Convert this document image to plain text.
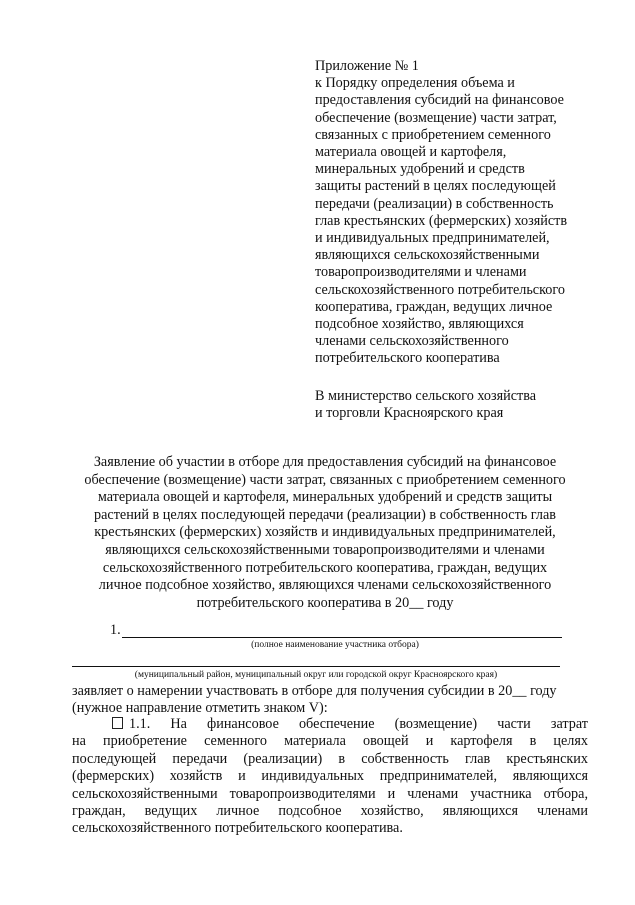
Приложение № 1
к Порядку определения объема и
предоставления субсидий на финансовое
обеспечение (возмещение) части затрат,
связанных с приобретением семенного
материала овощей и картофеля,
минеральных удобрений и средств
защиты растений в целях последующей
передачи (реализации) в собственность
глав крестьянских (фермерских) хозяйств
и индивидуальных предпринимателей,
являющихся сельскохозяйственными
товаропроизводителями и членами
сельскохозяйственного потребительского
кооператива, граждан, ведущих личное
подсобное хозяйство, являющихся
членами сельскохозяйственного
потребительского кооператива
В министерство сельского хозяйства
и торговли Красноярского края
Заявление об участии в отборе для предоставления субсидий на финансовое
обеспечение (возмещение) части затрат, связанных с приобретением семенного
материала овощей и картофеля, минеральных удобрений и средств защиты
растений в целях последующей передачи (реализации) в собственность глав
крестьянских (фермерских) хозяйств и индивидуальных предпринимателей,
являющихся сельскохозяйственными товаропроизводителями и членами
сельскохозяйственного потребительского кооператива, граждан, ведущих
личное подсобное хозяйство, являющихся членами сельскохозяйственного
потребительского кооператива в 20__ году
1.
(полное наименование участника отбора)
(муниципальный район, муниципальный округ или городской округ Красноярского края)
заявляет о намерении участвовать в отборе для получения субсидии в 20__ году
(нужное направление отметить знаком V):
1.1. На финансовое обеспечение (возмещение) части затрат
на приобретение семенного материала овощей и картофеля в целях
последующей передачи (реализации) в собственность глав крестьянских
(фермерских) хозяйств и индивидуальных предпринимателей, являющихся
сельскохозяйственными товаропроизводителями и членами участника отбора,
граждан, ведущих личное подсобное хозяйство, являющихся членами
сельскохозяйственного потребительского кооператива.
